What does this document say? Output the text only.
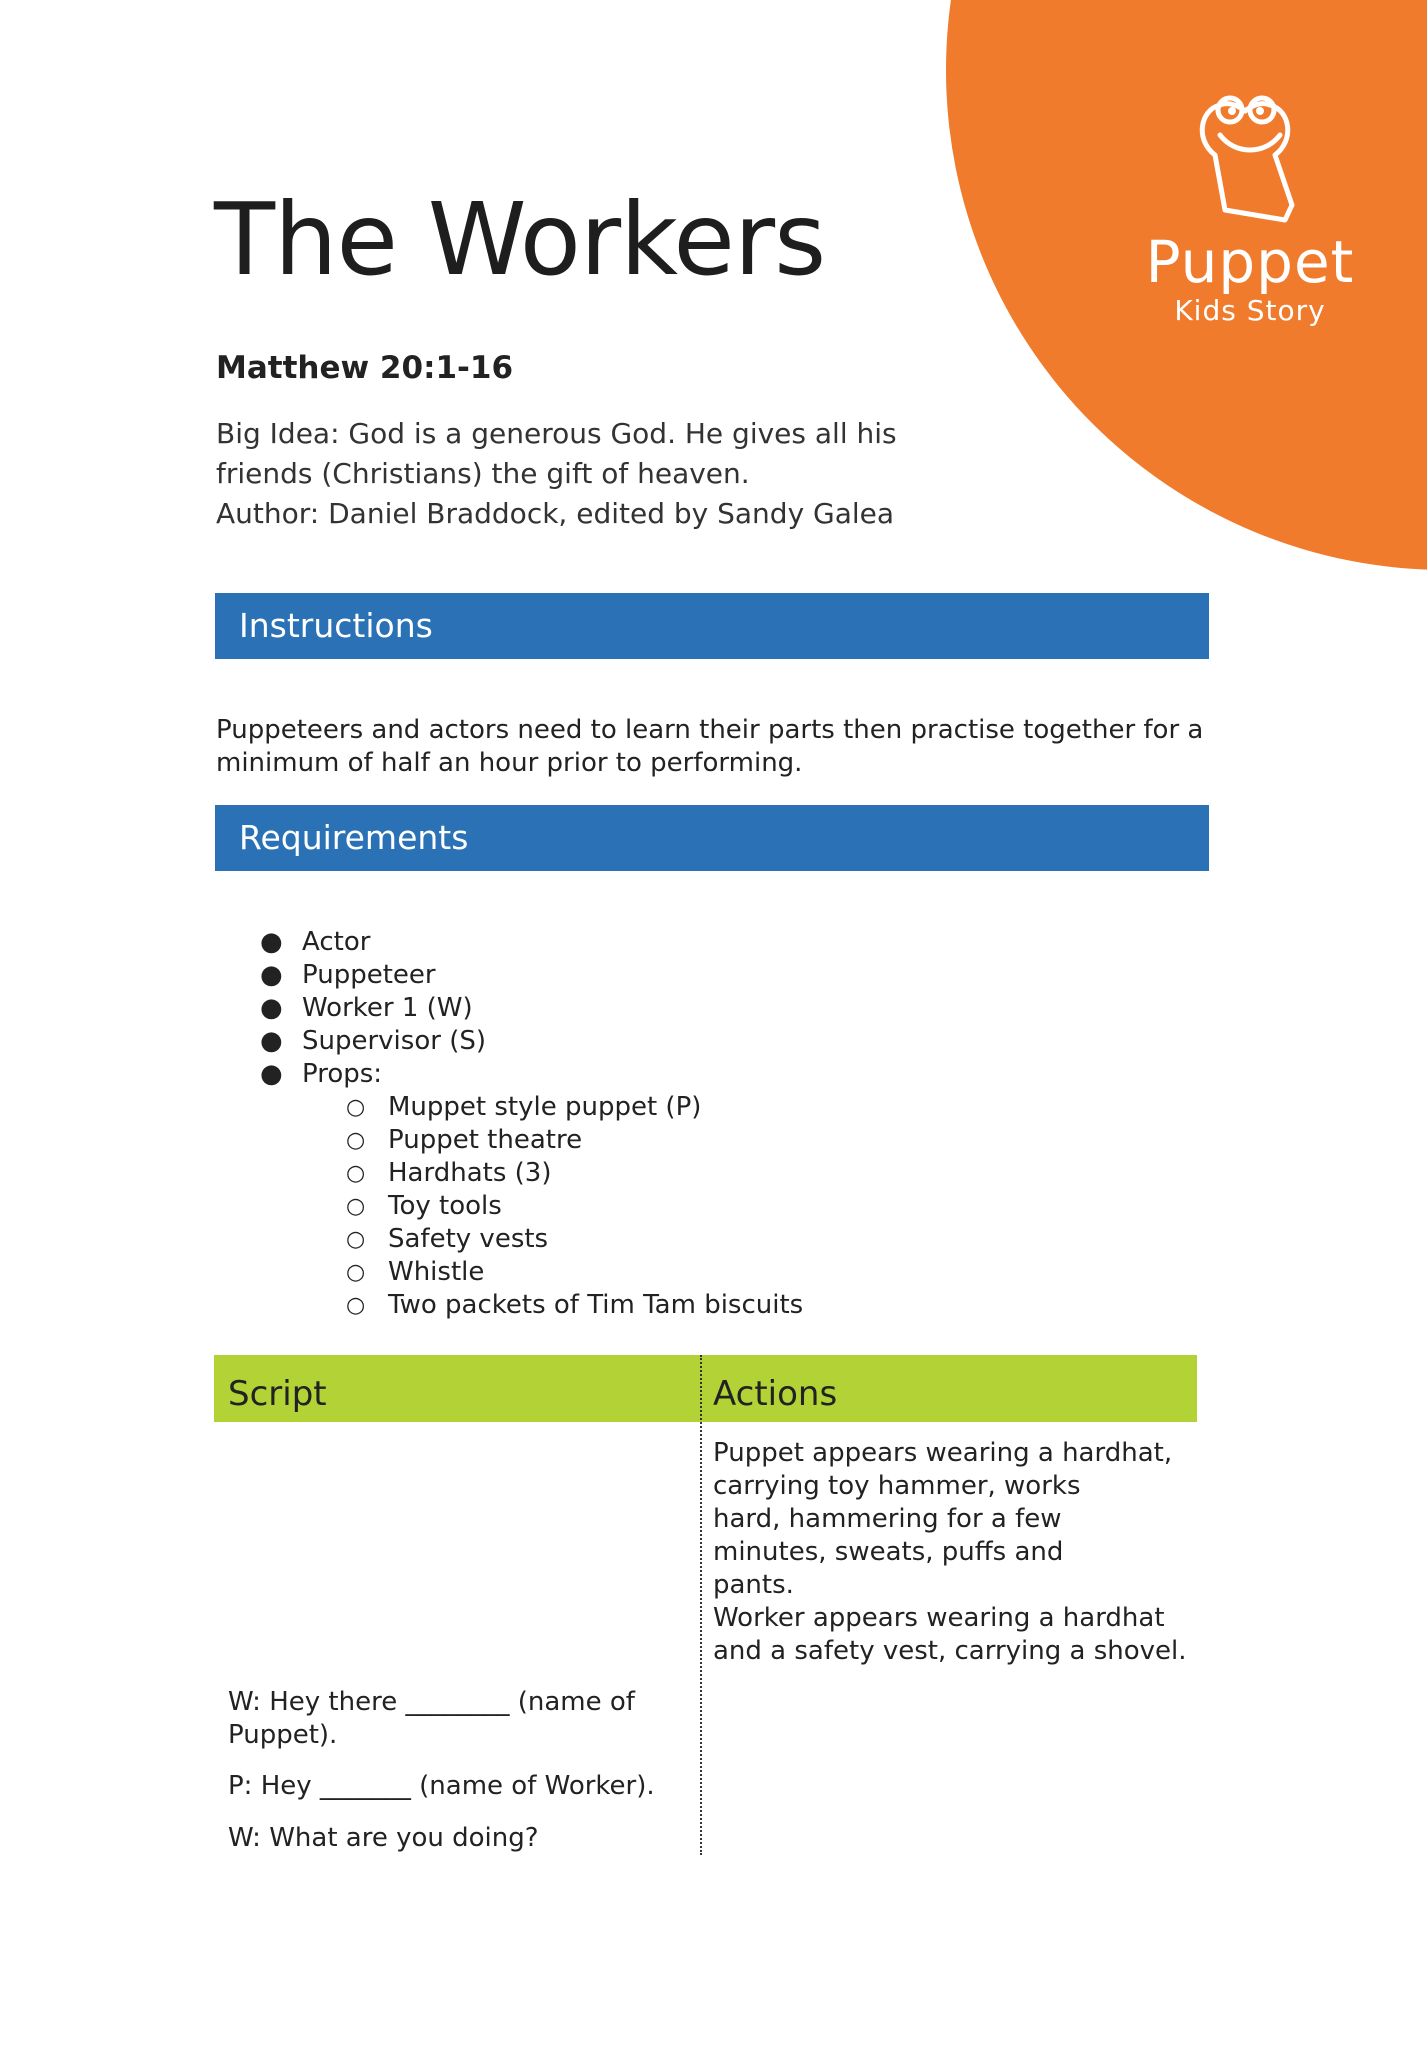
Puppet
Kids Story
The Workers
Matthew 20:1-16
Big Idea: God is a generous God. He gives all his
friends (Christians) the gift of heaven.
Author: Daniel Braddock, edited by Sandy Galea
Instructions
Puppeteers and actors need to learn their parts then practise together for a minimum of half an hour prior to performing.
Requirements
● Actor
● Puppeteer
● Worker 1 (W)
● Supervisor (S)
● Props:
○ Muppet style puppet (P)
○ Puppet theatre
○ Hardhats (3)
○ Toy tools
○ Safety vests
○ Whistle
○ Two packets of Tim Tam biscuits
Script	Actions
Puppet appears wearing a hardhat,
carrying toy hammer, works
hard, hammering for a few
minutes, sweats, puffs and
pants.
Worker appears wearing a hardhat
and a safety vest, carrying a shovel.
W: Hey there ________ (name of
Puppet).
P: Hey _______ (name of Worker).
W: What are you doing?
